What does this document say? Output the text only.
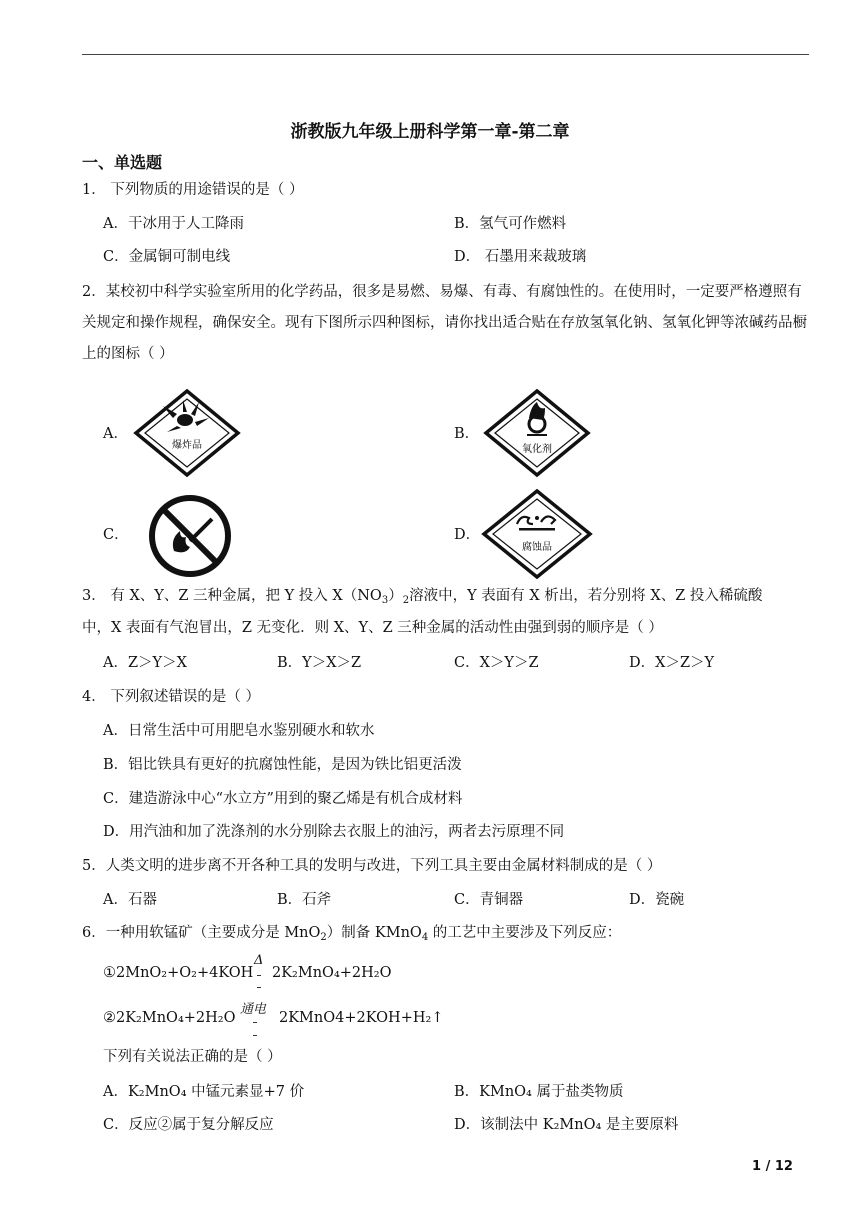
浙教版九年级上册科学第一章-第二章
一、单选题
1． 下列物质的用途错误的是（ ）
A．干冰用于人工降雨	B．氢气可作燃料
C．金属铜可制电线	D． 石墨用来裁玻璃
2．某校初中科学实验室所用的化学药品，很多是易燃、易爆、有毒、有腐蚀性的。在使用时，一定要严格遵照有关规定和操作规程，确保安全。现有下图所示四种图标，请你找出适合贴在存放氢氧化钠、氢氧化钾等浓碱药品橱上的图标（ ）
A．
爆炸品
B．
氧化剂
C．	D．
腐蚀品
3． 有 X、Y、Z 三种金属，把 Y 投入 $X(NO_3)_2$溶液中，Y 表面有 X 析出，若分别将 X、Z 投入稀硫酸
中，X 表面有气泡冒出，Z 无变化．则 X、Y、Z 三种金属的活动性由强到弱的顺序是（ ）
A．Z＞Y＞X	B．Y＞X＞Z	C．X＞Y＞Z	D．X＞Z＞Y
4． 下列叙述错误的是（ ）
A．日常生活中可用肥皂水鉴别硬水和软水
B．铝比铁具有更好的抗腐蚀性能，是因为铁比铝更活泼
C．建造游泳中心“水立方”用到的聚乙烯是有机合成材料
D．用汽油和加了洗涤剂的水分别除去衣服上的油污，两者去污原理不同
5．人类文明的进步离不开各种工具的发明与改进，下列工具主要由金属材料制成的是（ ）
A．石器	B．石斧	C．青铜器	D．瓷碗
6．一种用软锰矿（主要成分是 MnO$_2$）制备 KMnO$_4$ 的工艺中主要涉及下列反应：
①2MnO₂+O₂+4KOH
Δ
2K₂MnO₄+2H₂O
②2K₂MnO₄+2H₂O
通电
2KMnO4+2KOH+H₂↑
下列有关说法正确的是（ ）
A．K₂MnO₄ 中锰元素显+7 价	B．KMnO₄ 属于盐类物质
C．反应②属于复分解反应	D．该制法中 K₂MnO₄ 是主要原料
1 / 12
